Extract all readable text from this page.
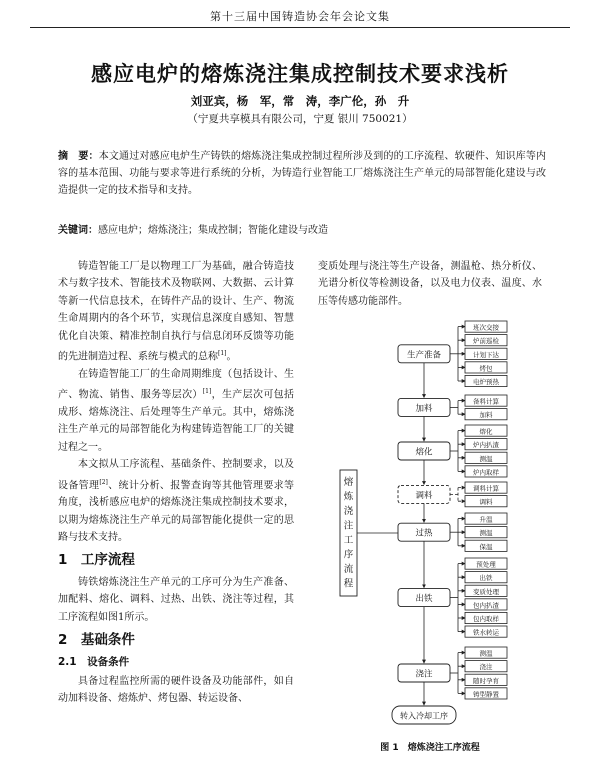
第十三届中国铸造协会年会论文集
感应电炉的熔炼浇注集成控制技术要求浅析
刘亚宾，杨　军，常　涛，李广伦，孙　升
（宁夏共享模具有限公司，宁夏 银川 750021）
摘　要：本文通过对感应电炉生产铸铁的熔炼浇注集成控制过程所涉及到的的工序流程、软硬件、知识库等内容的基本范围、功能与要求等进行系统的分析，为铸造行业智能工厂熔炼浇注生产单元的局部智能化建设与改造提供一定的技术指导和支持。
关键词：感应电炉；熔炼浇注；集成控制；智能化建设与改造

铸造智能工厂是以物理工厂为基础，融合铸造技术与数字技术、智能技术及物联网、大数据、云计算等新一代信息技术，在铸件产品的设计、生产、物流生命周期内的各个环节，实现信息深度自感知、智慧优化自决策、精准控制自执行与信息闭环反馈等功能的先进制造过程、系统与模式的总称[1]。

在铸造智能工厂的生命周期维度（包括设计、生产、物流、销售、服务等层次）[1]，生产层次可包括成形、熔炼浇注、后处理等生产单元。其中，熔炼浇注生产单元的局部智能化为构建铸造智能工厂的关键过程之一。

本文拟从工序流程、基础条件、控制要求，以及设备管理[2]、统计分析、报警查询等其他管理要求等角度，浅析感应电炉的熔炼浇注集成控制技术要求，以期为熔炼浇注生产单元的局部智能化提供一定的思路与技术支持。

1　工序流程

铸铁熔炼浇注生产单元的工序可分为生产准备、加配料、熔化、调料、过热、出铁、浇注等过程，其工序流程如图1所示。

2　基础条件
2.1　设备条件

具备过程监控所需的硬件设备及功能部件，如自动加料设备、熔炼炉、烤包器、转运设备、

变质处理与浇注等生产设备，测温枪、热分析仪、光谱分析仪等检测设备，以及电力仪表、温度、水压等传感功能部件。

班次交接
炉前巡检
计划下达
烤包
电炉预热
生产准备
备料计算
加料
加料
熔化
炉内扒渣
测温
炉内取样
熔化
调料计算
调料
调料
升温
测温
保温
过热
预处理
出铁
变质处理
包内扒渣
包内取样
铁水转运
出铁
测温
浇注
随时孕育
铸型静置
浇注
转入冷却工序
熔炼浇注工序流程
图 1　熔炼浇注工序流程
